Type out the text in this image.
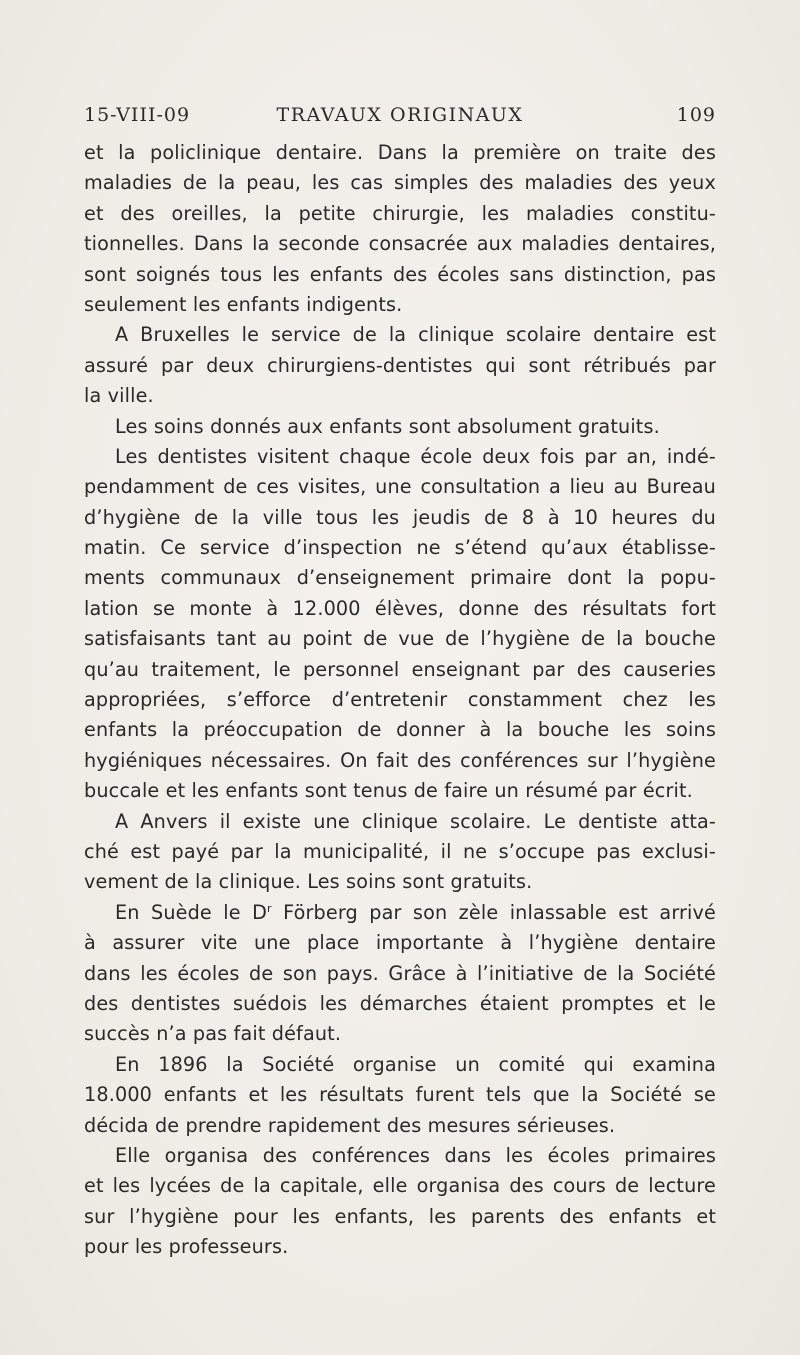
15-VIII-09	TRAVAUX ORIGINAUX	109
et la policlinique dentaire. Dans la première on traite des
maladies de la peau, les cas simples des maladies des yeux
et des oreilles, la petite chirurgie, les maladies constitu-
tionnelles. Dans la seconde consacrée aux maladies dentaires,
sont soignés tous les enfants des écoles sans distinction, pas
seulement les enfants indigents.
A Bruxelles le service de la clinique scolaire dentaire est
assuré par deux chirurgiens-dentistes qui sont rétribués par
la ville.
Les soins donnés aux enfants sont absolument gratuits.
Les dentistes visitent chaque école deux fois par an, indé-
pendamment de ces visites, une consultation a lieu au Bureau
d’hygiène de la ville tous les jeudis de 8 à 10 heures du
matin. Ce service d’inspection ne s’étend qu’aux établisse-
ments communaux d’enseignement primaire dont la popu-
lation se monte à 12.000 élèves, donne des résultats fort
satisfaisants tant au point de vue de l’hygiène de la bouche
qu’au traitement, le personnel enseignant par des causeries
appropriées, s’efforce d’entretenir constamment chez les
enfants la préoccupation de donner à la bouche les soins
hygiéniques nécessaires. On fait des conférences sur l’hygiène
buccale et les enfants sont tenus de faire un résumé par écrit.
A Anvers il existe une clinique scolaire. Le dentiste atta-
ché est payé par la municipalité, il ne s’occupe pas exclusi-
vement de la clinique. Les soins sont gratuits.
En Suède le $D^r$ Förberg par son zèle inlassable est arrivé
à assurer vite une place importante à l’hygiène dentaire
dans les écoles de son pays. Grâce à l’initiative de la Société
des dentistes suédois les démarches étaient promptes et le
succès n’a pas fait défaut.
En 1896 la Société organise un comité qui examina
18.000 enfants et les résultats furent tels que la Société se
décida de prendre rapidement des mesures sérieuses.
Elle organisa des conférences dans les écoles primaires
et les lycées de la capitale, elle organisa des cours de lecture
sur l’hygiène pour les enfants, les parents des enfants et
pour les professeurs.
